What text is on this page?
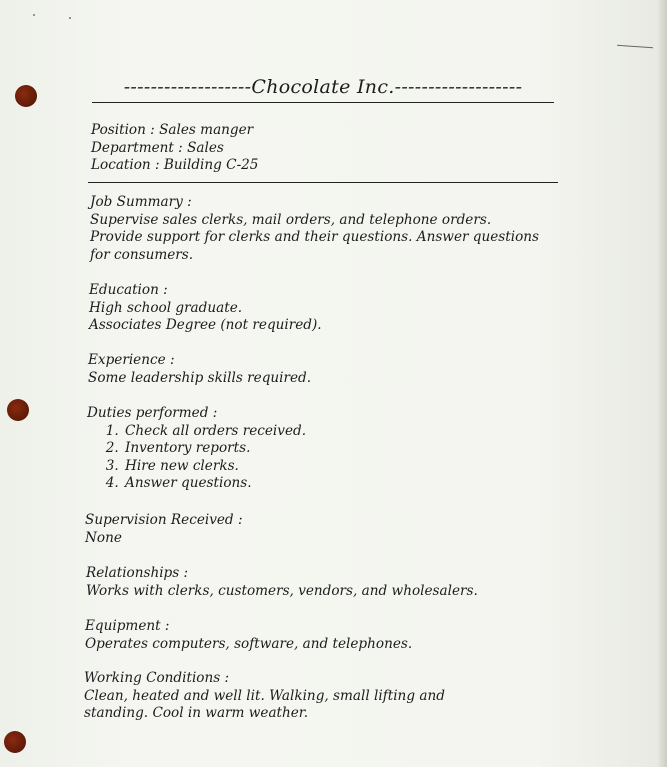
-------------------Chocolate Inc.-------------------
Position : Sales manger
Department : Sales
Location : Building C-25
Job Summary :
Supervise sales clerks, mail orders, and telephone orders.
Provide support for clerks and their questions. Answer questions
for consumers.
Education :
High school graduate.
Associates Degree (not required).
Experience :
Some leadership skills required.
Duties performed :
1. Check all orders received.
2. Inventory reports.
3. Hire new clerks.
4. Answer questions.
Supervision Received :
None
Relationships :
Works with clerks, customers, vendors, and wholesalers.
Equipment :
Operates computers, software, and telephones.
Working Conditions :
Clean, heated and well lit. Walking, small lifting and
standing. Cool in warm weather.
